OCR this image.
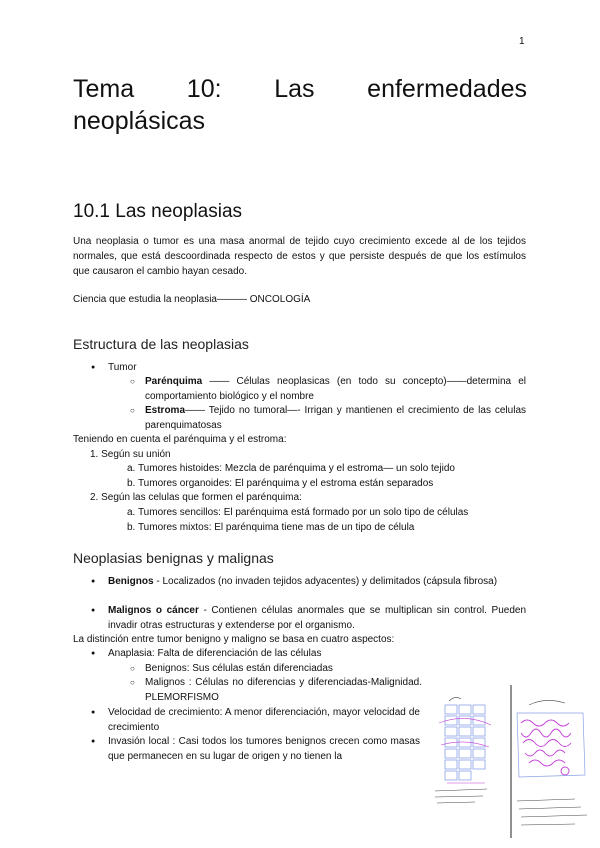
1
Tema 10: Las enfermedades neoplásicas
10.1 Las neoplasias
Una neoplasia o tumor es una masa anormal de tejido cuyo crecimiento excede al de los tejidos normales, que está descoordinada respecto de estos y que persiste después de que los estímulos que causaron el cambio hayan cesado.
Ciencia que estudia la neoplasia——— ONCOLOGÍA
Estructura de las neoplasias
● Tumor
○ Parénquima —— Células neoplasicas (en todo su concepto)——determina el comportamiento biológico y el nombre
○ Estroma—— Tejido no tumoral—- Irrigan y mantienen el crecimiento de las celulas parenquimatosas
Teniendo en cuenta el parénquima y el estroma:
1. Según su unión
a. Tumores histoides: Mezcla de parénquima y el estroma— un solo tejido
b. Tumores organoides: El parénquima y el estroma están separados
2. Según las celulas que formen el parénquima:
a. Tumores sencillos: El parénquima está formado por un solo tipo de células
b. Tumores mixtos: El parénquima tiene mas de un tipo de célula
Neoplasias benignas y malignas
● Benignos - Localizados (no invaden tejidos adyacentes) y delimitados (cápsula fibrosa)
● Malignos o cáncer - Contienen células anormales que se multiplican sin control. Pueden invadir otras estructuras y extenderse por el organismo.
La distinción entre tumor benigno y maligno se basa en cuatro aspectos:
● Anaplasia: Falta de diferenciación de las células
○ Benignos: Sus células están diferenciadas
○ Malignos : Células no diferencias y diferenciadas-Malignidad. PLEMORFISMO
● Velocidad de crecimiento: A menor diferenciación, mayor velocidad de crecimiento
● Invasión local : Casi todos los tumores benignos crecen como masas que permanecen en su lugar de origen y no tienen la
